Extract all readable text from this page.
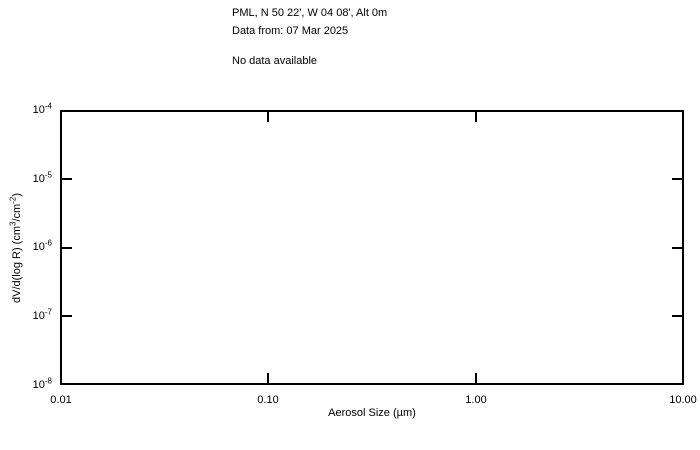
PML, N 50 22', W 04 08', Alt 0m
Data from: 07 Mar 2025
No data available
dV/d(log R) $(cm^3/cm^{-2})$
$10^{-4}$
$10^{-5}$
$10^{-6}$
$10^{-7}$
$10^{-8}$
0.01	0.10	1.00	10.00
Aerosol Size (µm)
